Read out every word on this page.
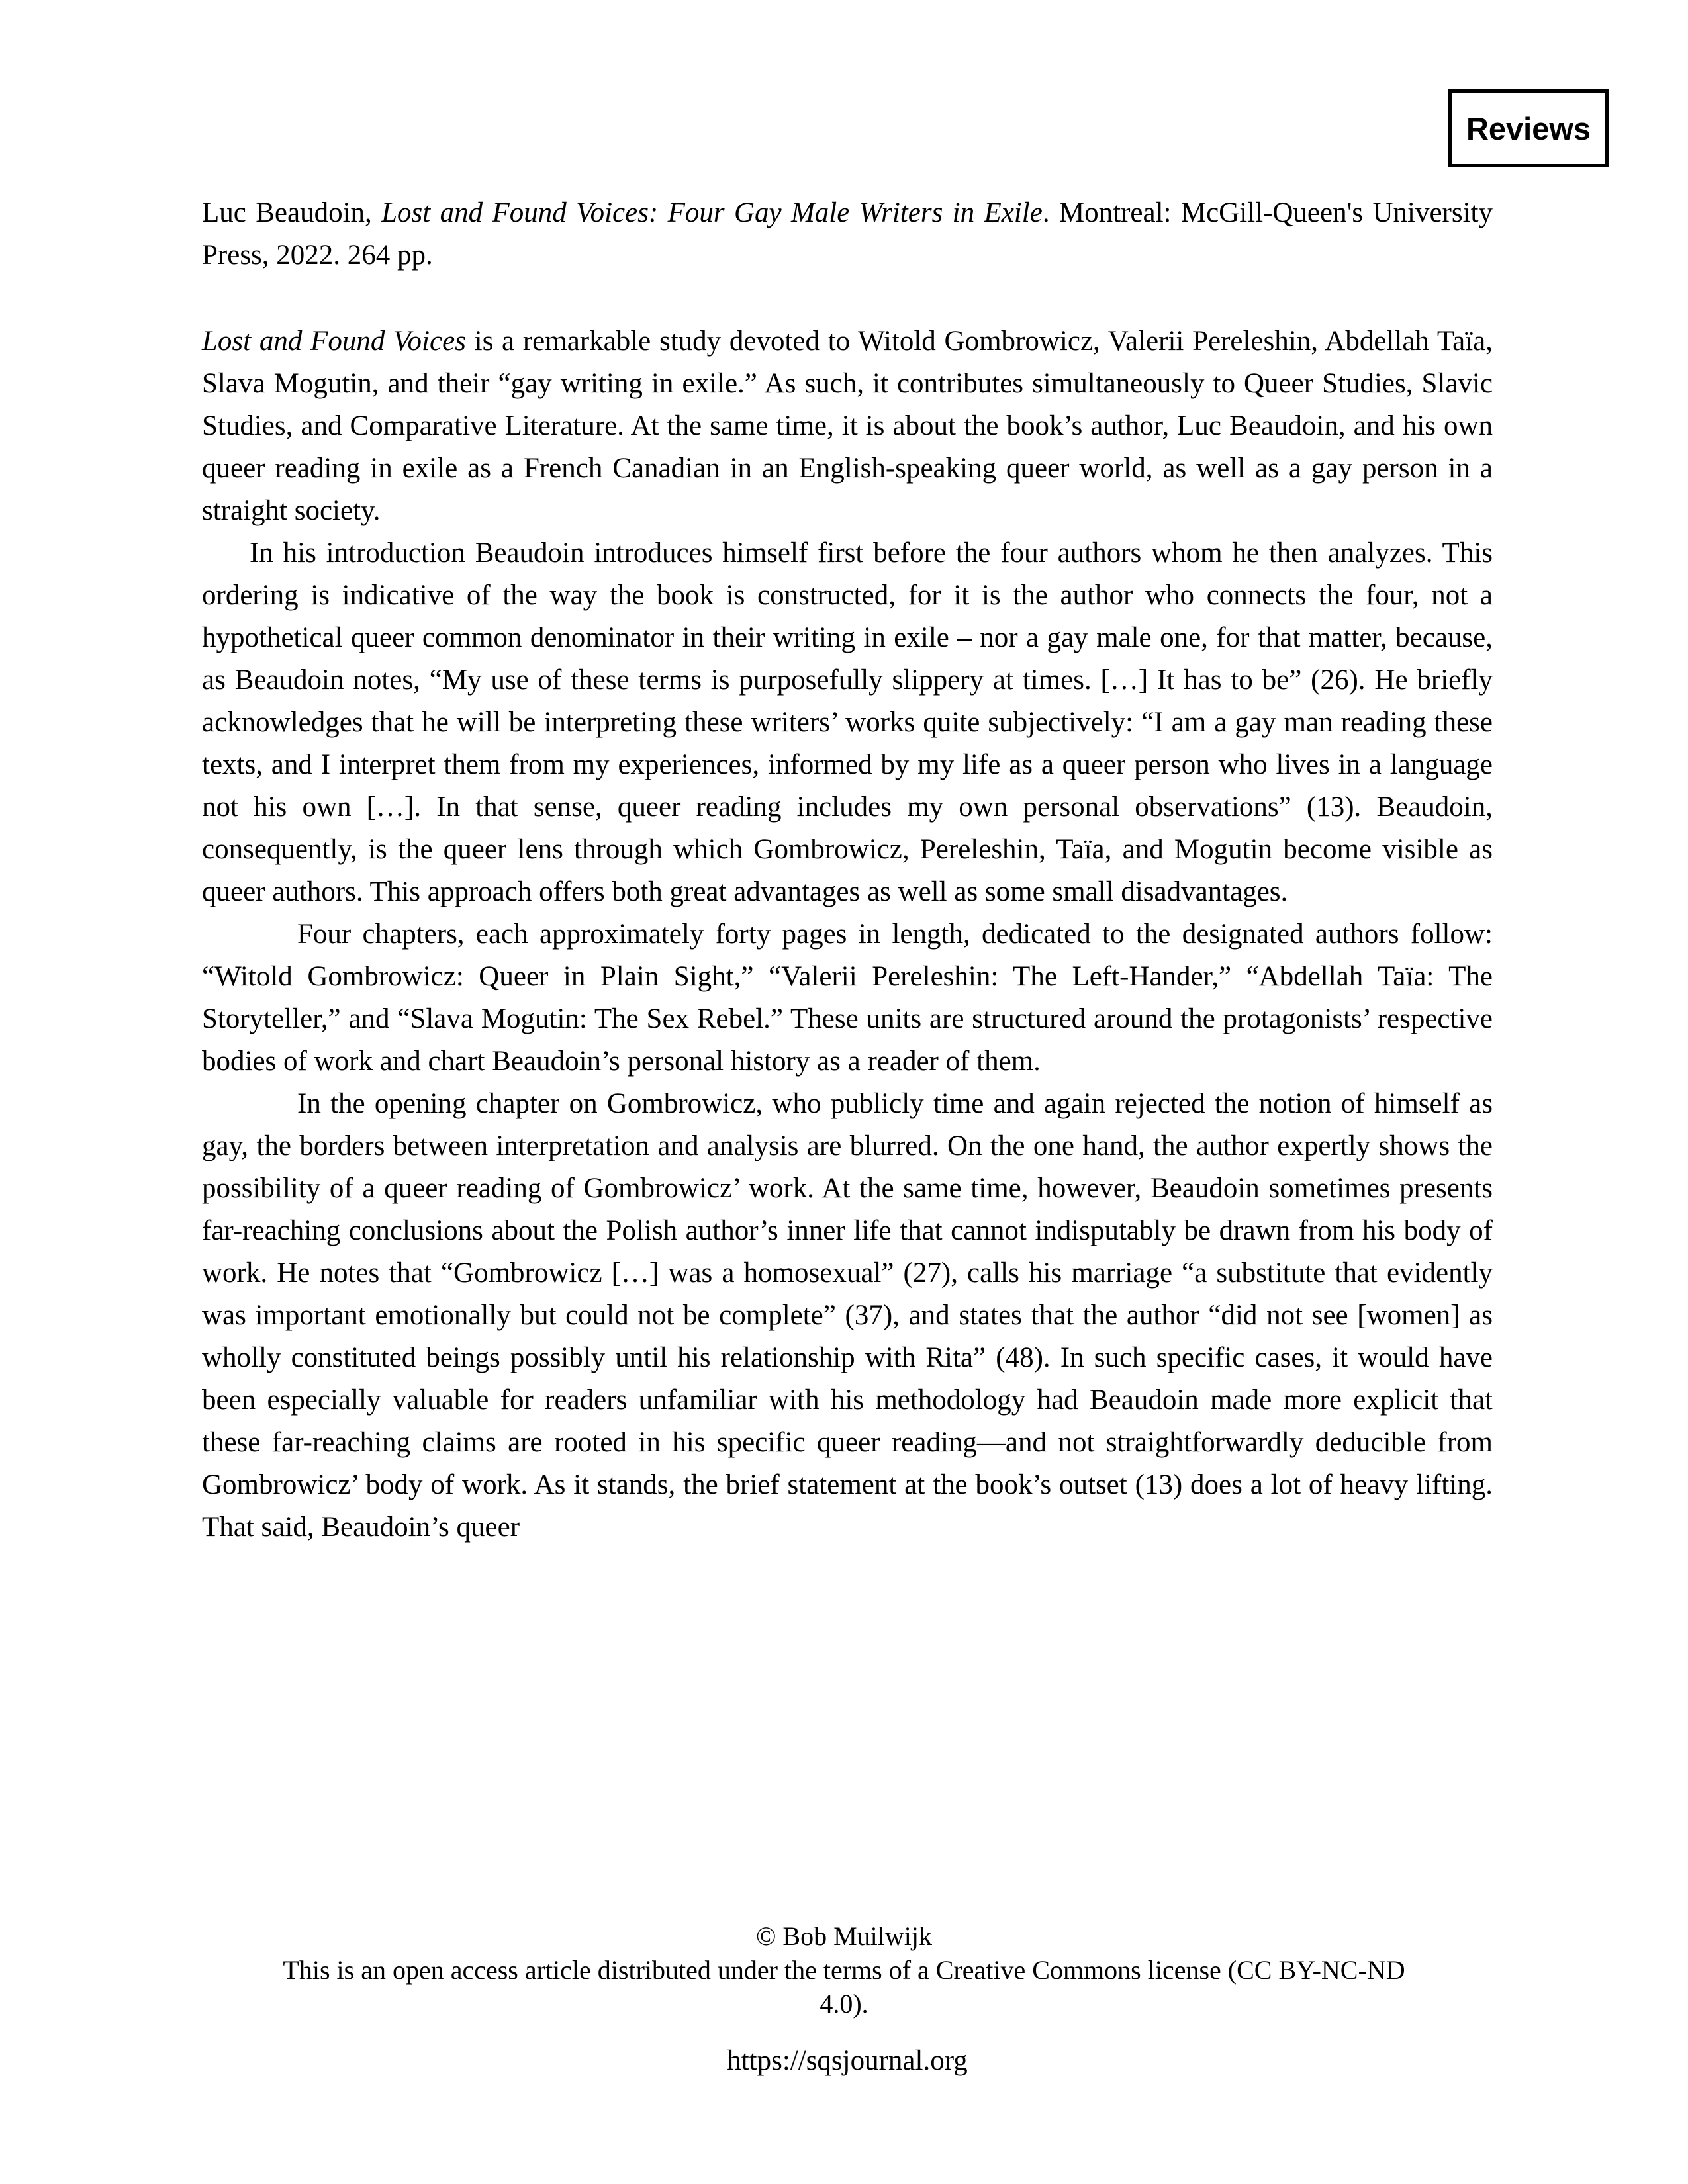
Reviews

Luc Beaudoin, Lost and Found Voices: Four Gay Male Writers in Exile. Montreal: McGill-Queen's University Press, 2022. 264 pp.

Lost and Found Voices is a remarkable study devoted to Witold Gombrowicz, Valerii Pereleshin, Abdellah Taïa, Slava Mogutin, and their “gay writing in exile.” As such, it contributes simultaneously to Queer Studies, Slavic Studies, and Comparative Literature. At the same time, it is about the book’s author, Luc Beaudoin, and his own queer reading in exile as a French Canadian in an English-speaking queer world, as well as a gay person in a straight society.

In his introduction Beaudoin introduces himself first before the four authors whom he then analyzes. This ordering is indicative of the way the book is constructed, for it is the author who connects the four, not a hypothetical queer common denominator in their writing in exile – nor a gay male one, for that matter, because, as Beaudoin notes, “My use of these terms is purposefully slippery at times. […] It has to be” (26). He briefly acknowledges that he will be interpreting these writers’ works quite subjectively: “I am a gay man reading these texts, and I interpret them from my experiences, informed by my life as a queer person who lives in a language not his own […]. In that sense, queer reading includes my own personal observations” (13). Beaudoin, consequently, is the queer lens through which Gombrowicz, Pereleshin, Taïa, and Mogutin become visible as queer authors. This approach offers both great advantages as well as some small disadvantages.

Four chapters, each approximately forty pages in length, dedicated to the designated authors follow: “Witold Gombrowicz: Queer in Plain Sight,” “Valerii Pereleshin: The Left-Hander,” “Abdellah Taïa: The Storyteller,” and “Slava Mogutin: The Sex Rebel.” These units are structured around the protagonists’ respective bodies of work and chart Beaudoin’s personal history as a reader of them.

In the opening chapter on Gombrowicz, who publicly time and again rejected the notion of himself as gay, the borders between interpretation and analysis are blurred. On the one hand, the author expertly shows the possibility of a queer reading of Gombrowicz’ work. At the same time, however, Beaudoin sometimes presents far-reaching conclusions about the Polish author’s inner life that cannot indisputably be drawn from his body of work. He notes that “Gombrowicz […] was a homosexual” (27), calls his marriage “a substitute that evidently was important emotionally but could not be complete” (37), and states that the author “did not see [women] as wholly constituted beings possibly until his relationship with Rita” (48). In such specific cases, it would have been especially valuable for readers unfamiliar with his methodology had Beaudoin made more explicit that these far-reaching claims are rooted in his specific queer reading—and not straightforwardly deducible from Gombrowicz’ body of work. As it stands, the brief statement at the book’s outset (13) does a lot of heavy lifting. That said, Beaudoin’s queer

© Bob Muilwijk

This is an open access article distributed under the terms of a Creative Commons license (CC BY-NC-ND 4.0).

https://sqsjournal.org
